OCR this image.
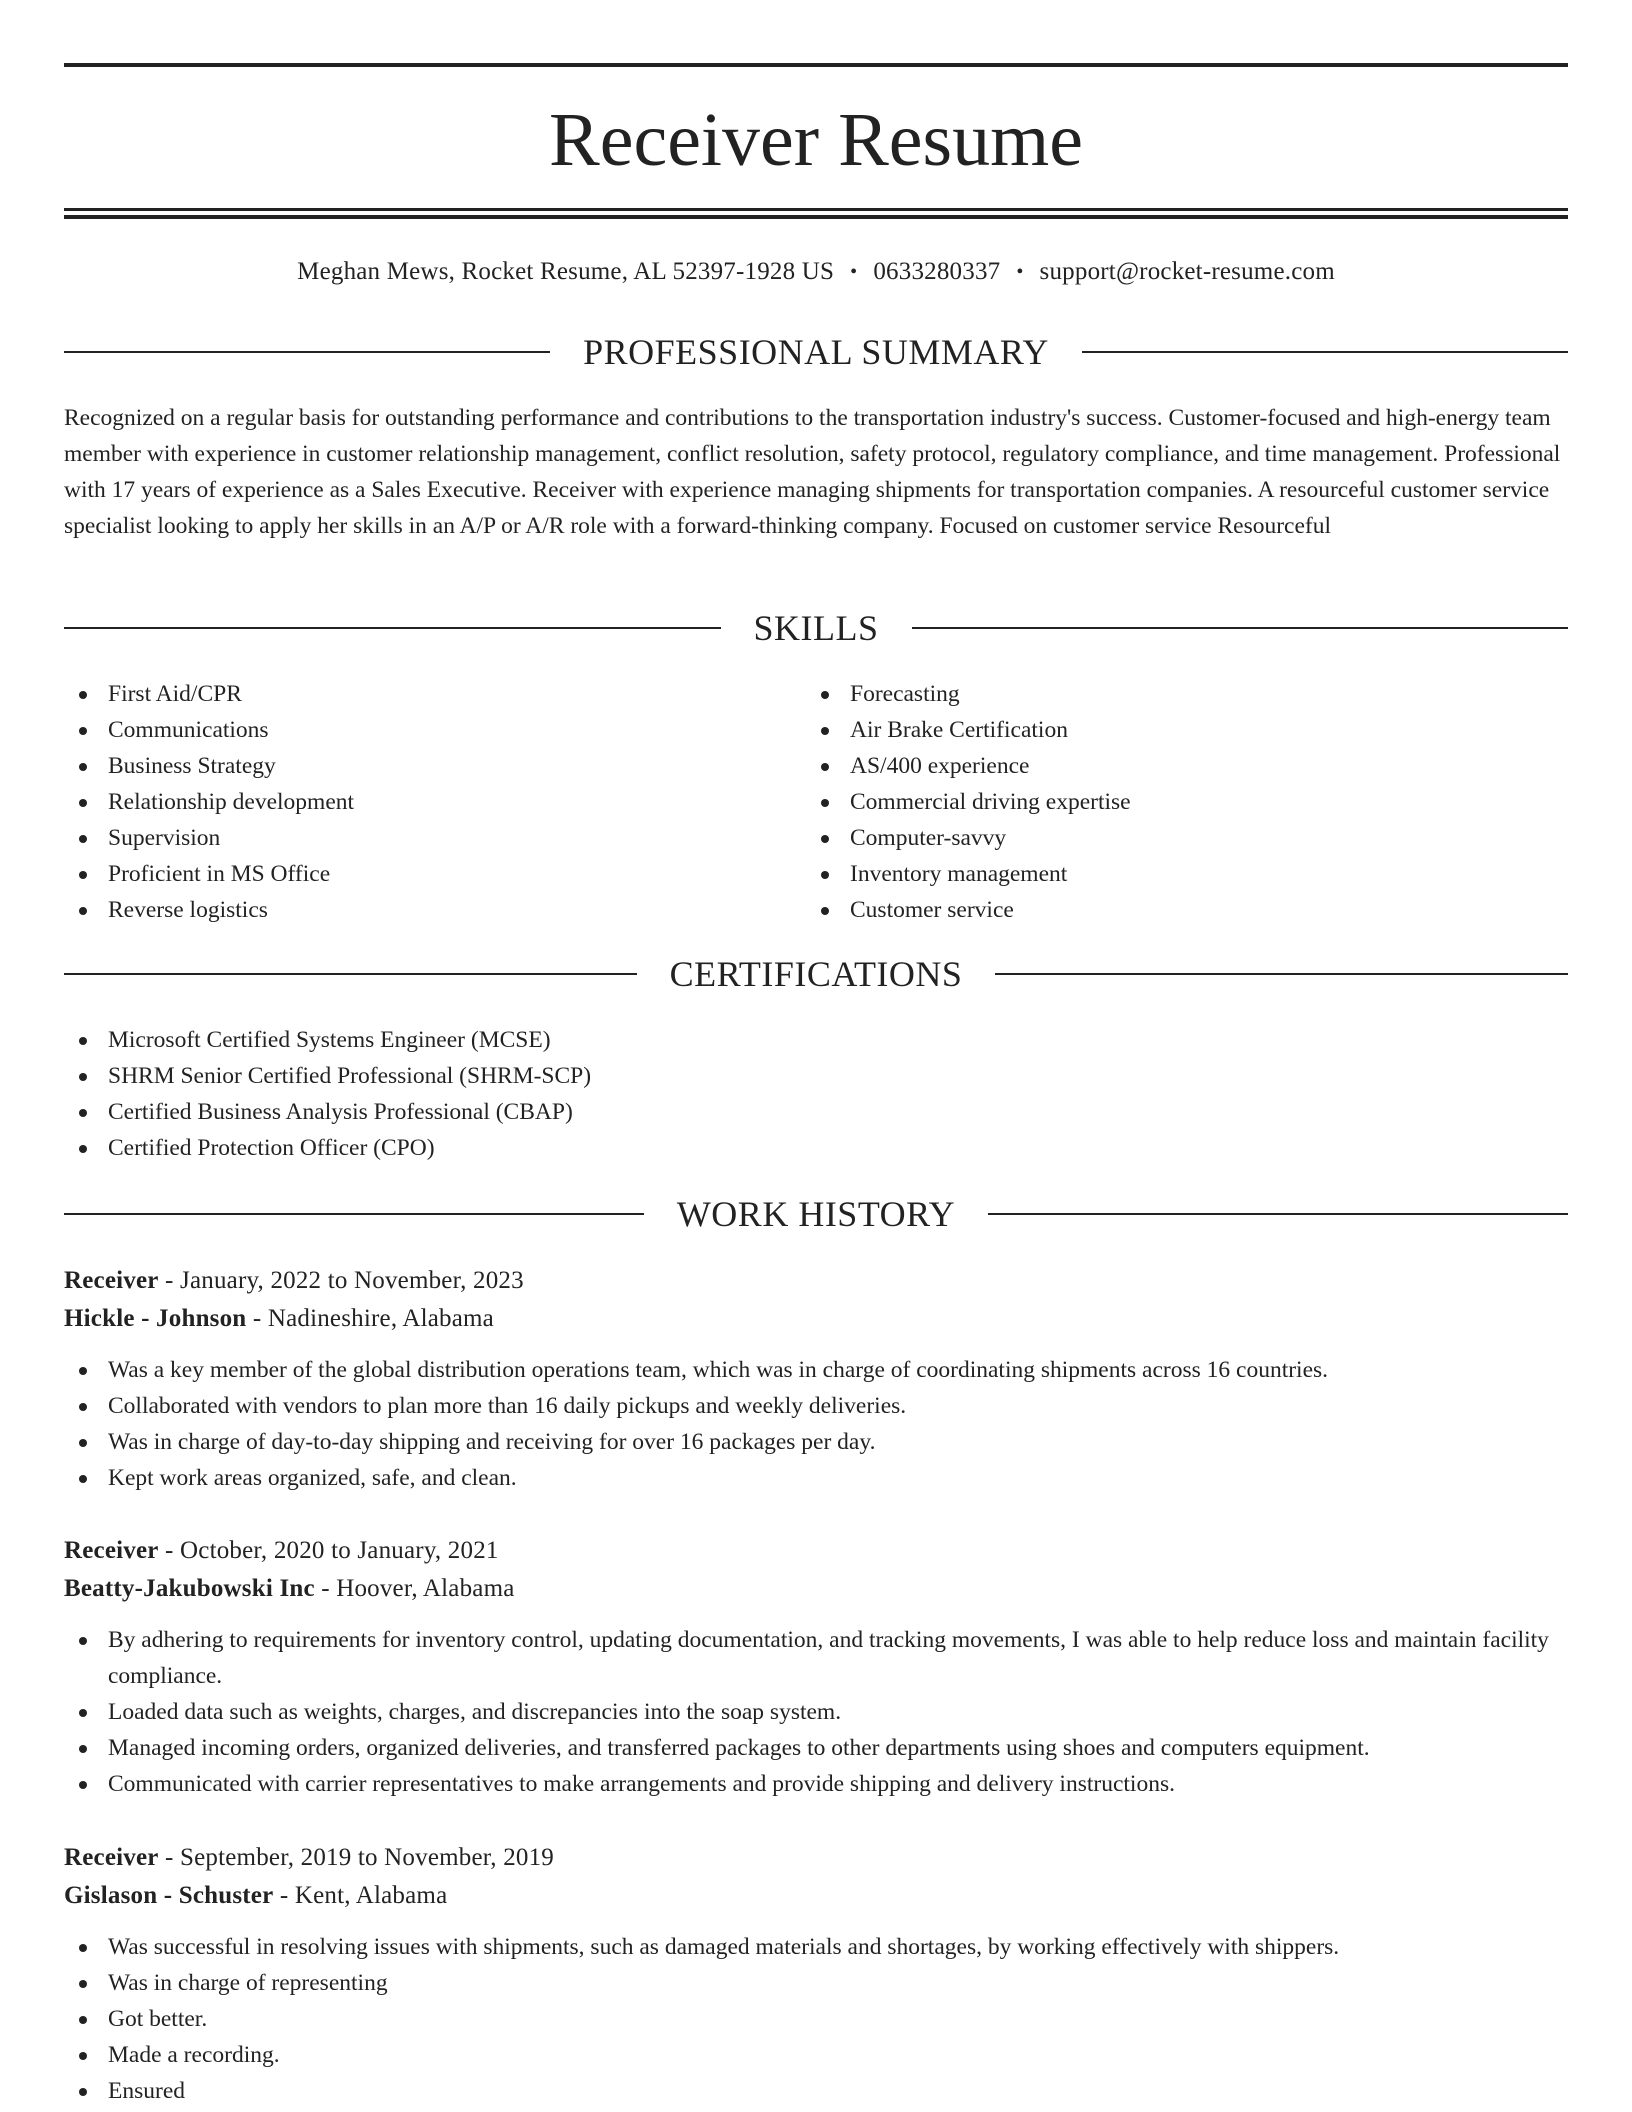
Receiver Resume
Meghan Mews, Rocket Resume, AL 52397-1928 US • 0633280337 • support@rocket-resume.com
PROFESSIONAL SUMMARY

Recognized on a regular basis for outstanding performance and contributions to the transportation industry's success. Customer-focused and high-energy team member with experience in customer relationship management, conflict resolution, safety protocol, regulatory compliance, and time management. Professional with 17 years of experience as a Sales Executive. Receiver with experience managing shipments for transportation companies. A resourceful customer service specialist looking to apply her skills in an A/P or A/R role with a forward-thinking company. Focused on customer service Resourceful

SKILLS
First Aid/CPR
Communications
Business Strategy
Relationship development
Supervision
Proficient in MS Office
Reverse logistics
Forecasting
Air Brake Certification
AS/400 experience
Commercial driving expertise
Computer-savvy
Inventory management
Customer service
CERTIFICATIONS
Microsoft Certified Systems Engineer (MCSE)
SHRM Senior Certified Professional (SHRM-SCP)
Certified Business Analysis Professional (CBAP)
Certified Protection Officer (CPO)
WORK HISTORY
Receiver - January, 2022 to November, 2023
Hickle - Johnson - Nadineshire, Alabama
Was a key member of the global distribution operations team, which was in charge of coordinating shipments across 16 countries.
Collaborated with vendors to plan more than 16 daily pickups and weekly deliveries.
Was in charge of day-to-day shipping and receiving for over 16 packages per day.
Kept work areas organized, safe, and clean.
Receiver - October, 2020 to January, 2021
Beatty-Jakubowski Inc - Hoover, Alabama
By adhering to requirements for inventory control, updating documentation, and tracking movements, I was able to help reduce loss and maintain facility compliance.
Loaded data such as weights, charges, and discrepancies into the soap system.
Managed incoming orders, organized deliveries, and transferred packages to other departments using shoes and computers equipment.
Communicated with carrier representatives to make arrangements and provide shipping and delivery instructions.
Receiver - September, 2019 to November, 2019
Gislason - Schuster - Kent, Alabama
Was successful in resolving issues with shipments, such as damaged materials and shortages, by working effectively with shippers.
Was in charge of representing
Got better.
Made a recording.
Ensured
